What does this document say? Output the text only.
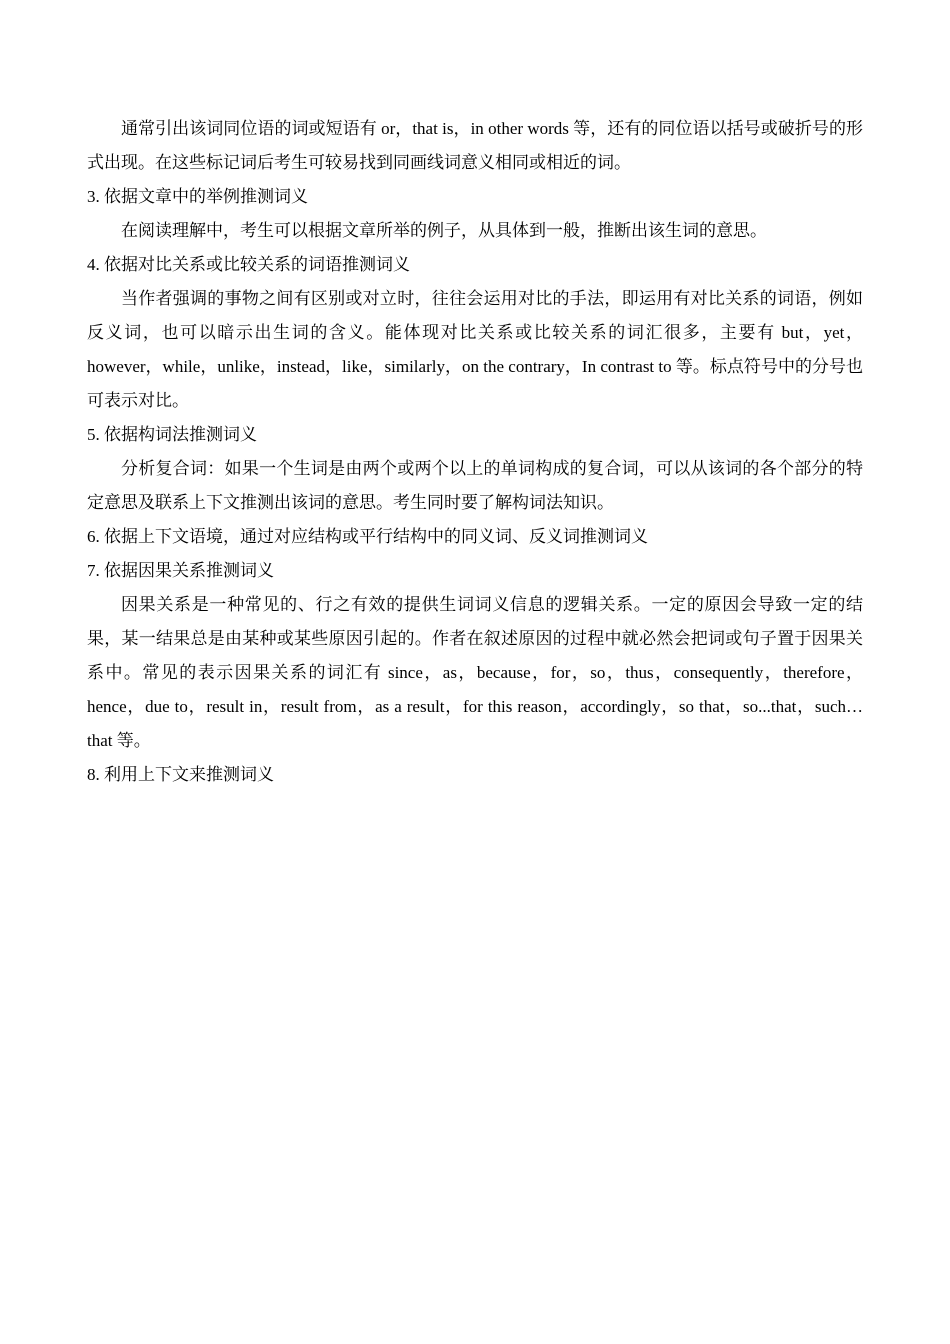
通常引出该词同位语的词或短语有 or，that is，in other words 等，还有的同位语以括号或破折号的形式出现。在这些标记词后考生可较易找到同画线词意义相同或相近的词。

3. 依据文章中的举例推测词义

在阅读理解中，考生可以根据文章所举的例子，从具体到一般，推断出该生词的意思。

4. 依据对比关系或比较关系的词语推测词义

当作者强调的事物之间有区别或对立时，往往会运用对比的手法，即运用有对比关系的词语，例如反义词，也可以暗示出生词的含义。能体现对比关系或比较关系的词汇很多，主要有 but，yet，however，while，unlike，instead，like，similarly，on the contrary，In contrast to 等。标点符号中的分号也可表示对比。

5. 依据构词法推测词义

分析复合词：如果一个生词是由两个或两个以上的单词构成的复合词，可以从该词的各个部分的特定意思及联系上下文推测出该词的意思。考生同时要了解构词法知识。

6. 依据上下文语境，通过对应结构或平行结构中的同义词、反义词推测词义

7. 依据因果关系推测词义

因果关系是一种常见的、行之有效的提供生词词义信息的逻辑关系。一定的原因会导致一定的结果，某一结果总是由某种或某些原因引起的。作者在叙述原因的过程中就必然会把词或句子置于因果关系中。常见的表示因果关系的词汇有 since，as，because，for，so，thus，consequently，therefore，hence，due to，result in，result from，as a result，for this reason，accordingly，so that，so...that，such…that 等。

8. 利用上下文来推测词义
